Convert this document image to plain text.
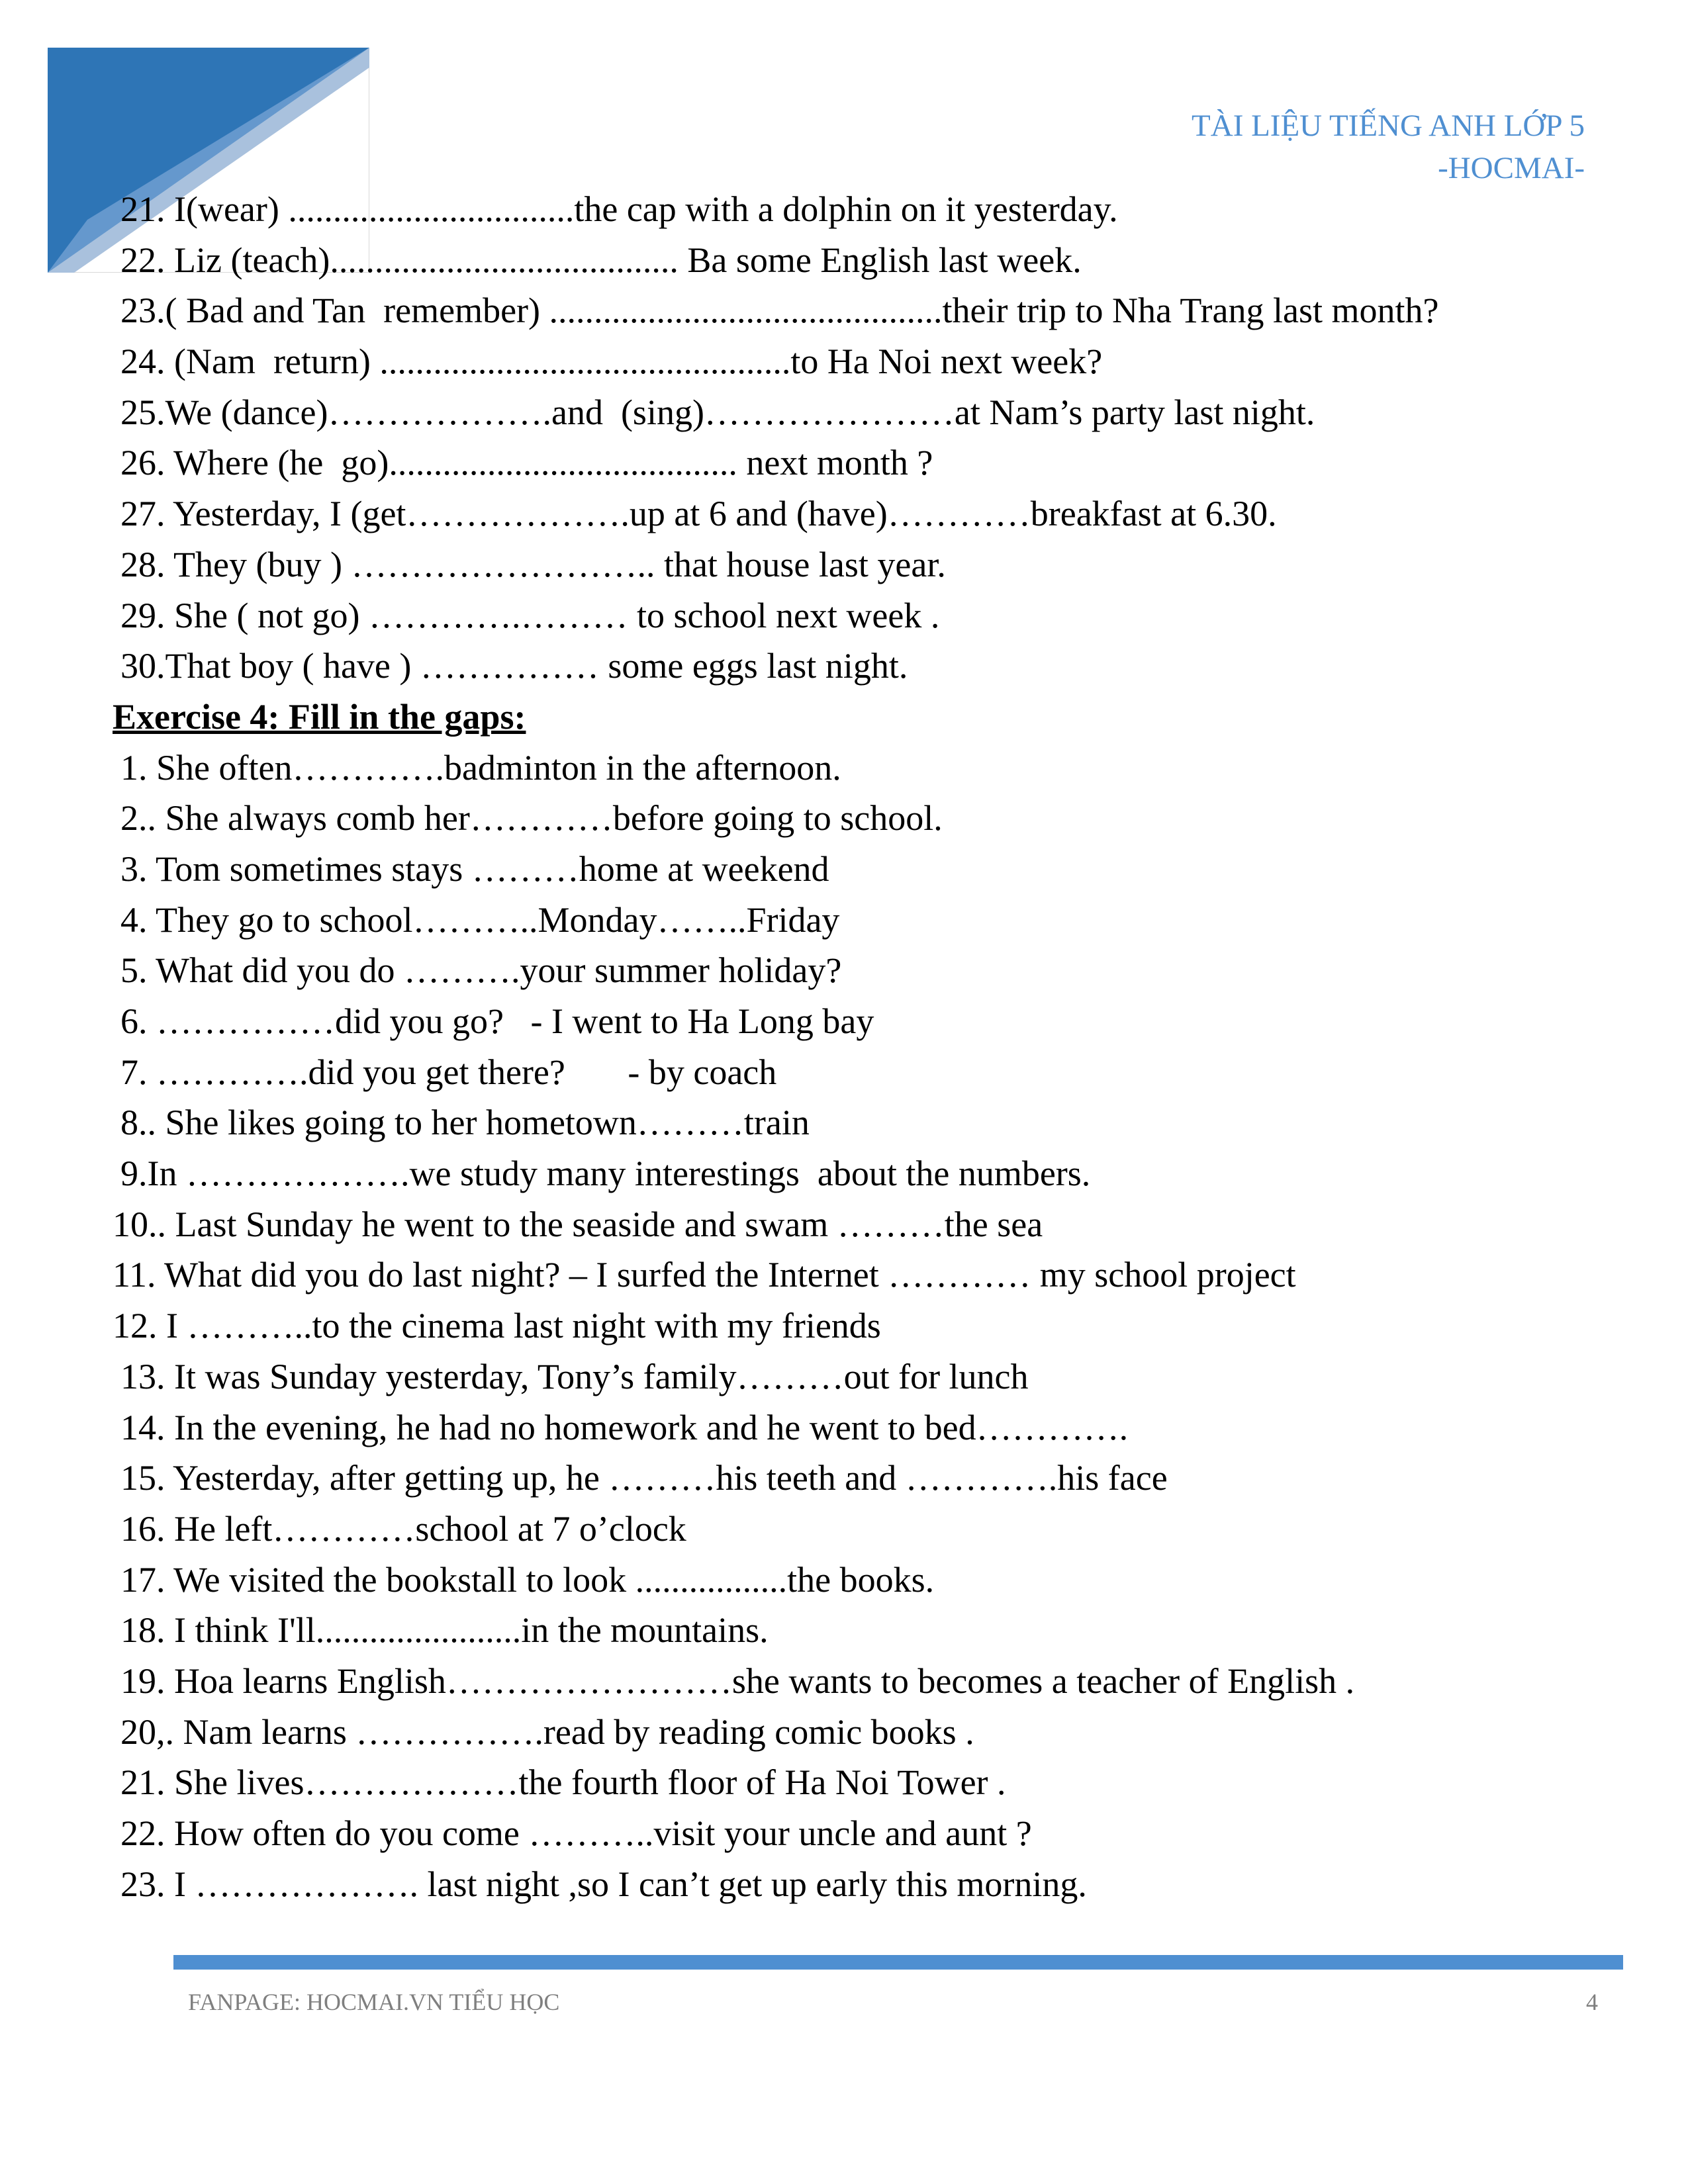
TÀI LIỆU TIẾNG ANH LỚP 5
-HOCMAI-
21. I(wear) ................................the cap with a dolphin on it yesterday.
22. Liz (teach)....................................... Ba some English last week.
23.( Bad and Tan  remember) ............................................their trip to Nha Trang last month?
24. (Nam  return) ..............................................to Ha Noi next week?
25.We (dance)……………….and  (sing)…………………at Nam’s party last night.
26. Where (he  go)....................................... next month ?
27. Yesterday, I (get……………….up at 6 and (have)…………breakfast at 6.30.
28. They (buy ) …………………….. that house last year.
29. She ( not go) ………….……… to school next week .
30.That boy ( have ) …………… some eggs last night.
Exercise 4: Fill in the gaps:
1. She often………….badminton in the afternoon.
2.. She always comb her…………before going to school.
3. Tom sometimes stays ………home at weekend
4. They go to school………..Monday……..Friday
5. What did you do ……….your summer holiday?
6. ……………did you go?   - I went to Ha Long bay
7. ………….did you get there?       - by coach
8.. She likes going to her hometown………train
9.In ……………….we study many interestings  about the numbers.
10.. Last Sunday he went to the seaside and swam ………the sea
11. What did you do last night? – I surfed the Internet ………… my school project
12. I ………..to the cinema last night with my friends
13. It was Sunday yesterday, Tony’s family………out for lunch
14. In the evening, he had no homework and he went to bed………….
15. Yesterday, after getting up, he ………his teeth and ………….his face
16. He left…………school at 7 o’clock
17. We visited the bookstall to look .................the books.
18. I think I'll.......................in the mountains.
19. Hoa learns English……………………she wants to becomes a teacher of English .
20,. Nam learns …………….read by reading comic books .
21. She lives………………the fourth floor of Ha Noi Tower .
22. How often do you come ………..visit your uncle and aunt ?
23. I ………………. last night ,so I can’t get up early this morning.
FANPAGE: HOCMAI.VN TIỂU HỌC	4
